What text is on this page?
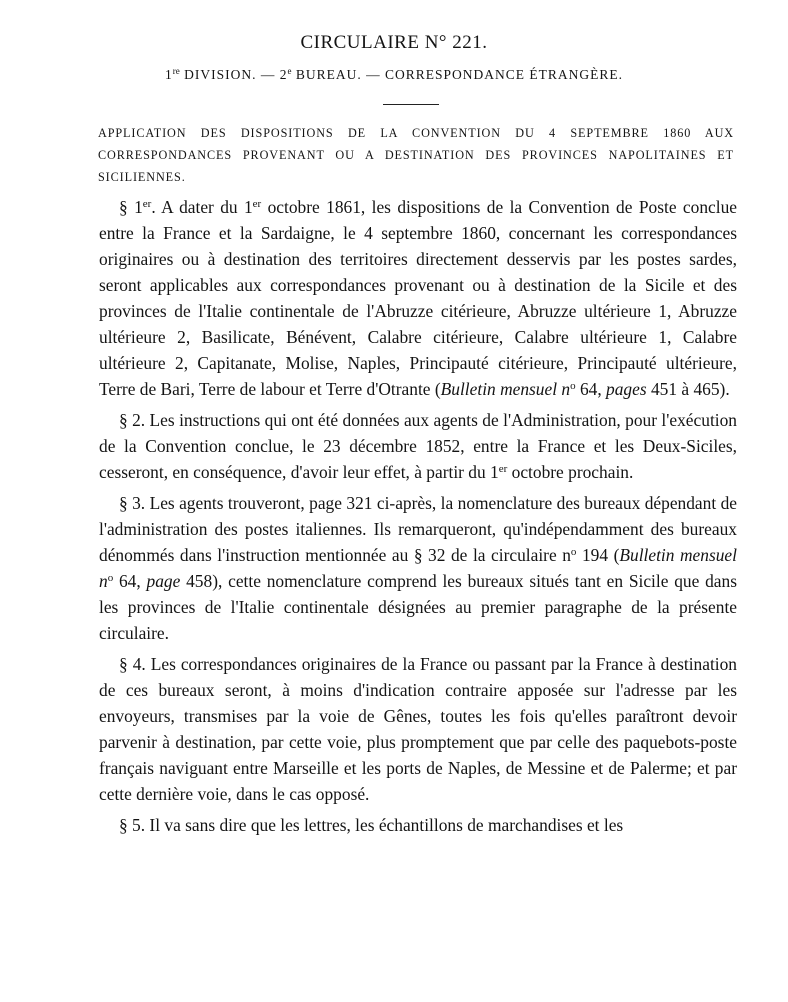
CIRCULAIRE N° 221.
1re DIVISION. — 2e BUREAU. — CORRESPONDANCE ÉTRANGÈRE.

APPLICATION DES DISPOSITIONS DE LA CONVENTION DU 4 SEPTEMBRE 1860 AUX CORRESPONDANCES PROVENANT OU A DESTINATION DES PROVINCES NAPOLITAINES ET SICILIENNES.

§ 1er. A dater du 1er octobre 1861, les dispositions de la Convention de Poste conclue entre la France et la Sardaigne, le 4 septembre 1860, concernant les correspondances originaires ou à destination des territoires directement desservis par les postes sardes, seront applicables aux correspondances provenant ou à destination de la Sicile et des provinces de l'Italie continentale de l'Abruzze citérieure, Abruzze ultérieure 1, Abruzze ultérieure 2, Basilicate, Bénévent, Calabre citérieure, Calabre ultérieure 1, Calabre ultérieure 2, Capitanate, Molise, Naples, Principauté citérieure, Principauté ultérieure, Terre de Bari, Terre de labour et Terre d'Otrante (Bulletin mensuel $n^o$ 64, pages 451 à 465).

§ 2. Les instructions qui ont été données aux agents de l'Administration, pour l'exécution de la Convention conclue, le 23 décembre 1852, entre la France et les Deux-Siciles, cesseront, en conséquence, d'avoir leur effet, à partir du 1er octobre prochain.

§ 3. Les agents trouveront, page 321 ci-après, la nomenclature des bureaux dépendant de l'administration des postes italiennes. Ils remarqueront, qu'indépendamment des bureaux dénommés dans l'instruction mentionnée au § 32 de la circulaire $n^o$ 194 (Bulletin mensuel $n^o$ 64, page 458), cette nomenclature comprend les bureaux situés tant en Sicile que dans les provinces de l'Italie continentale désignées au premier paragraphe de la présente circulaire.

§ 4. Les correspondances originaires de la France ou passant par la France à destination de ces bureaux seront, à moins d'indication contraire apposée sur l'adresse par les envoyeurs, transmises par la voie de Gênes, toutes les fois qu'elles paraîtront devoir parvenir à destination, par cette voie, plus promptement que par celle des paquebots-poste français naviguant entre Marseille et les ports de Naples, de Messine et de Palerme; et par cette dernière voie, dans le cas opposé.

§ 5. Il va sans dire que les lettres, les échantillons de marchandises et les
